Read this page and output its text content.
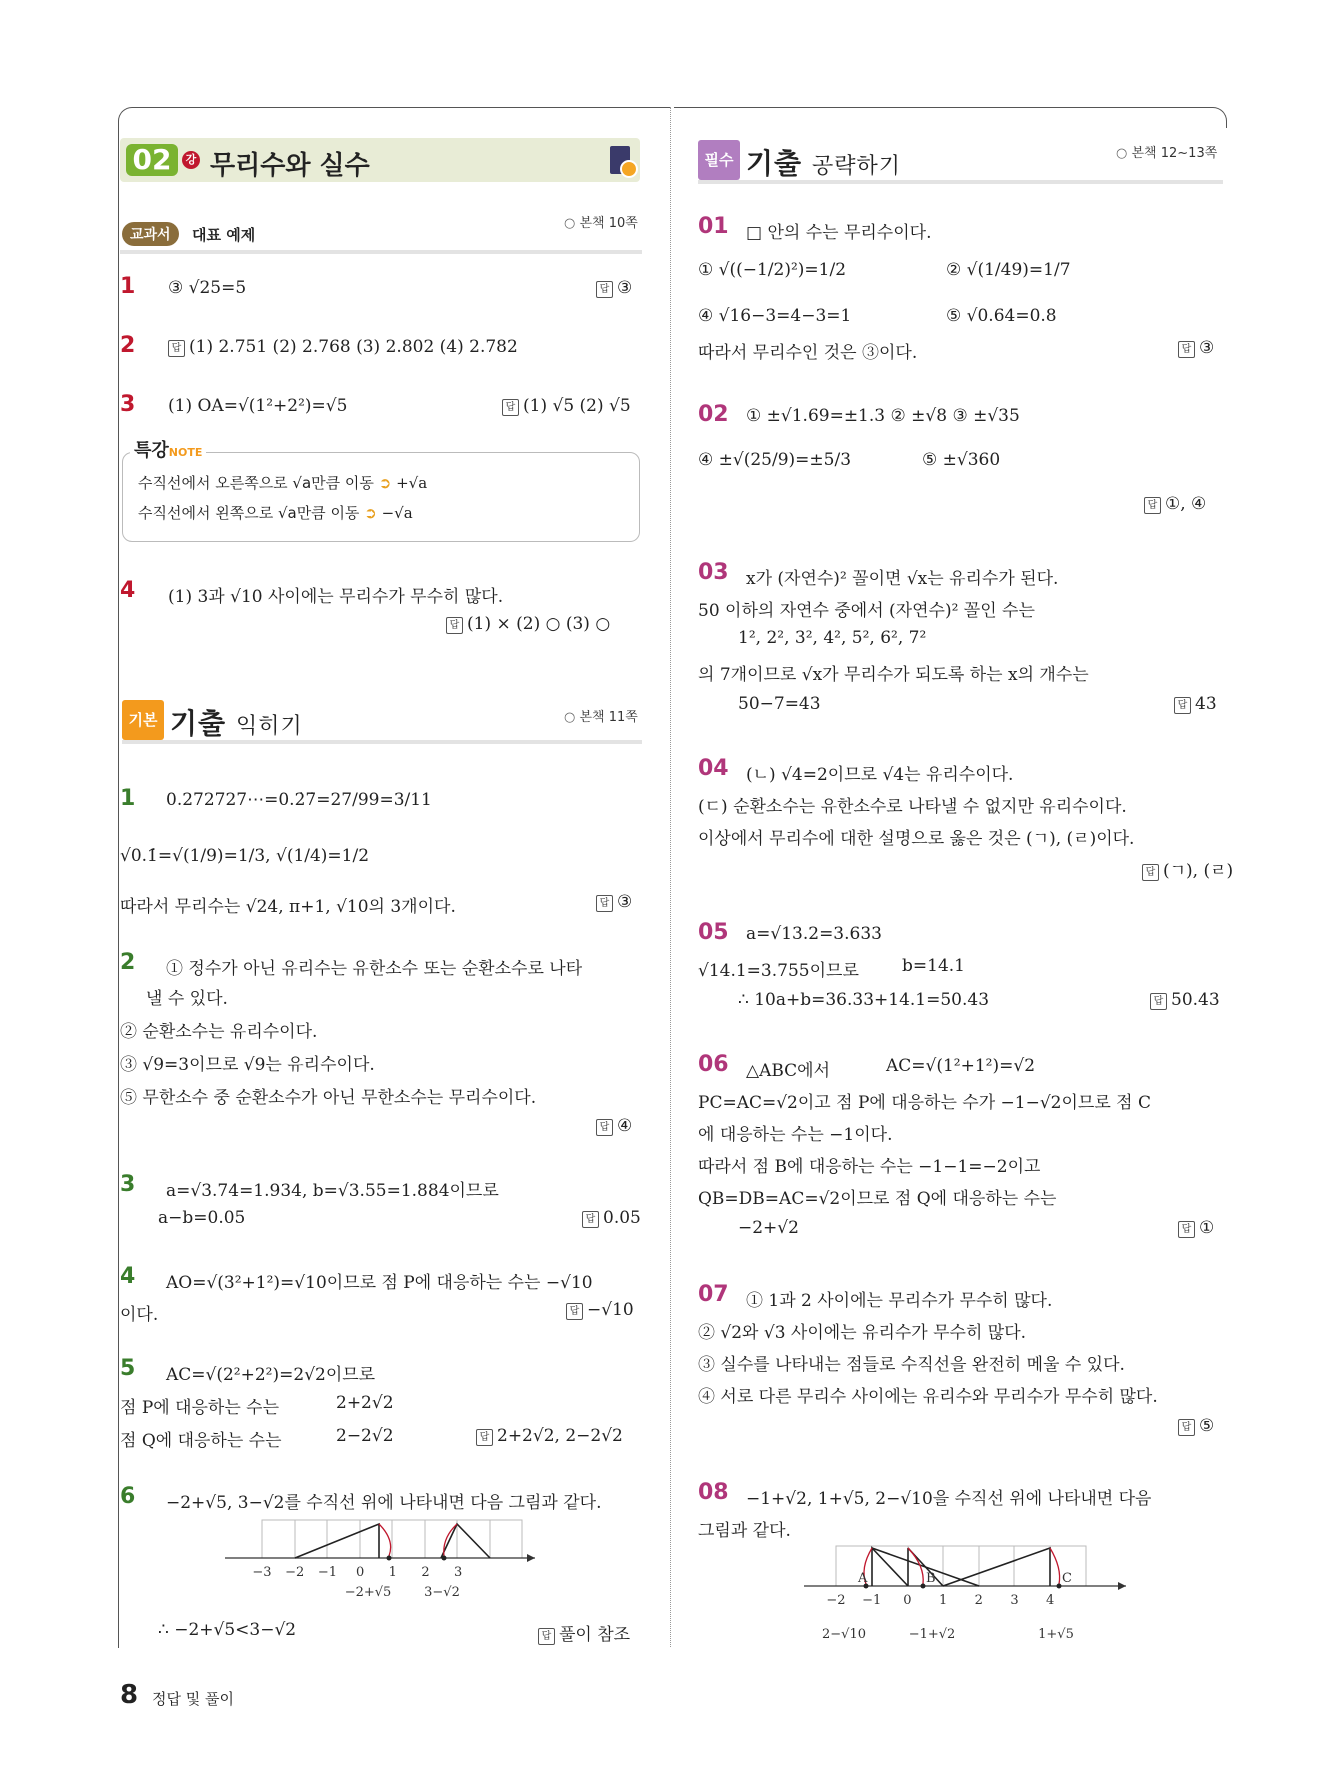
02	강 무리수와 실수
교과서	대표 예제
○ 본책 10쪽
1 ③ √25=5	답 ③
2	답 (1) 2.751 (2) 2.768 (3) 2.802 (4) 2.782
3 (1) OA=√(1²+2²)=√5	답 (1) √5 (2) √5
특강NOTE
수직선에서 오른쪽으로 √a만큼 이동 ➲ +√a
수직선에서 왼쪽으로 √a만큼 이동 ➲ −√a
4 (1) 3과 √10 사이에는 무리수가 무수히 많다.
답 (1) × (2) ○ (3) ○
기본 기출 익히기
○	본책 11쪽
1 0.272727⋯=0.2̇7̇=27/99=3/11
√0.1̇=√(1/9)=1/3, √(1/4)=1/2
따라서 무리수는 √24, π+1, √10의 3개이다.	답 ③
2 ① 정수가 아닌 유리수는 유한소수 또는 순환소수로 나타
낼 수 있다.
② 순환소수는 유리수이다.
③ √9=3이므로 √9는 유리수이다.
⑤ 무한소수 중 순환소수가 아닌 무한소수는 무리수이다.
답 ④
3 a=√3.74=1.934, b=√3.55=1.884이므로
a−b=0.05	답 0.05
4 AO=√(3²+1²)=√10이므로 점 P에 대응하는 수는 −√10
이다.	답 −√10
5 AC=√(2²+2²)=2√2이므로
점 P에 대응하는 수는	2+2√2
점 Q에 대응하는 수는	2−2√2	답 2+2√2, 2−2√2
6 −2+√5, 3−√2를 수직선 위에 나타내면 다음 그림과 같다.
−3 −2 −1 0 1 2 3
−2+√5	3−√2
∴ −2+√5<3−√2	답 풀이 참조
필수 기출 공략하기
○ 본책 12~13쪽
01 □ 안의 수는 무리수이다.
① √((−1/2)²)=1/2	② √(1/49)=1/7
④ √16−3=4−3=1	⑤ √0.64=0.8
따라서 무리수인 것은 ③이다.	답 ③
02 ① ±√1.69=±1.3 ② ±√8 ③ ±√35
④ ±√(25/9)=±5/3	⑤ ±√360
답 ①, ④
03 x가 (자연수)² 꼴이면 √x는 유리수가 된다.
50 이하의 자연수 중에서 (자연수)² 꼴인 수는
1², 2², 3², 4², 5², 6², 7²
의 7개이므로 √x가 무리수가 되도록 하는 x의 개수는
50−7=43	답 43
04 (ㄴ) √4=2이므로 √4는 유리수이다.
(ㄷ) 순환소수는 유한소수로 나타낼 수 없지만 유리수이다.
이상에서 무리수에 대한 설명으로 옳은 것은 (ㄱ), (ㄹ)이다.
답 (ㄱ), (ㄹ)
05 a=√13.2=3.633
√14.1=3.755이므로	b=14.1
∴ 10a+b=36.33+14.1=50.43	답 50.43
06 △ABC에서	AC=√(1²+1²)=√2
PC=AC=√2이고 점 P에 대응하는 수가 −1−√2이므로 점 C
에 대응하는 수는 −1이다.
따라서 점 B에 대응하는 수는 −1−1=−2이고
QB=DB=AC=√2이므로 점 Q에 대응하는 수는
−2+√2	답 ①
07 ① 1과 2 사이에는 무리수가 무수히 많다.
② √2와 √3 사이에는 유리수가 무수히 많다.
③ 실수를 나타내는 점들로 수직선을 완전히 메울 수 있다.
④ 서로 다른 무리수 사이에는 유리수와 무리수가 무수히 많다.
답 ⑤
08 −1+√2, 1+√5, 2−√10을 수직선 위에 나타내면 다음
그림과 같다.
A	B	C
−2 −1 0 1 2 3 4
2−√10	−1+√2	1+√5
8 정답 및 풀이
